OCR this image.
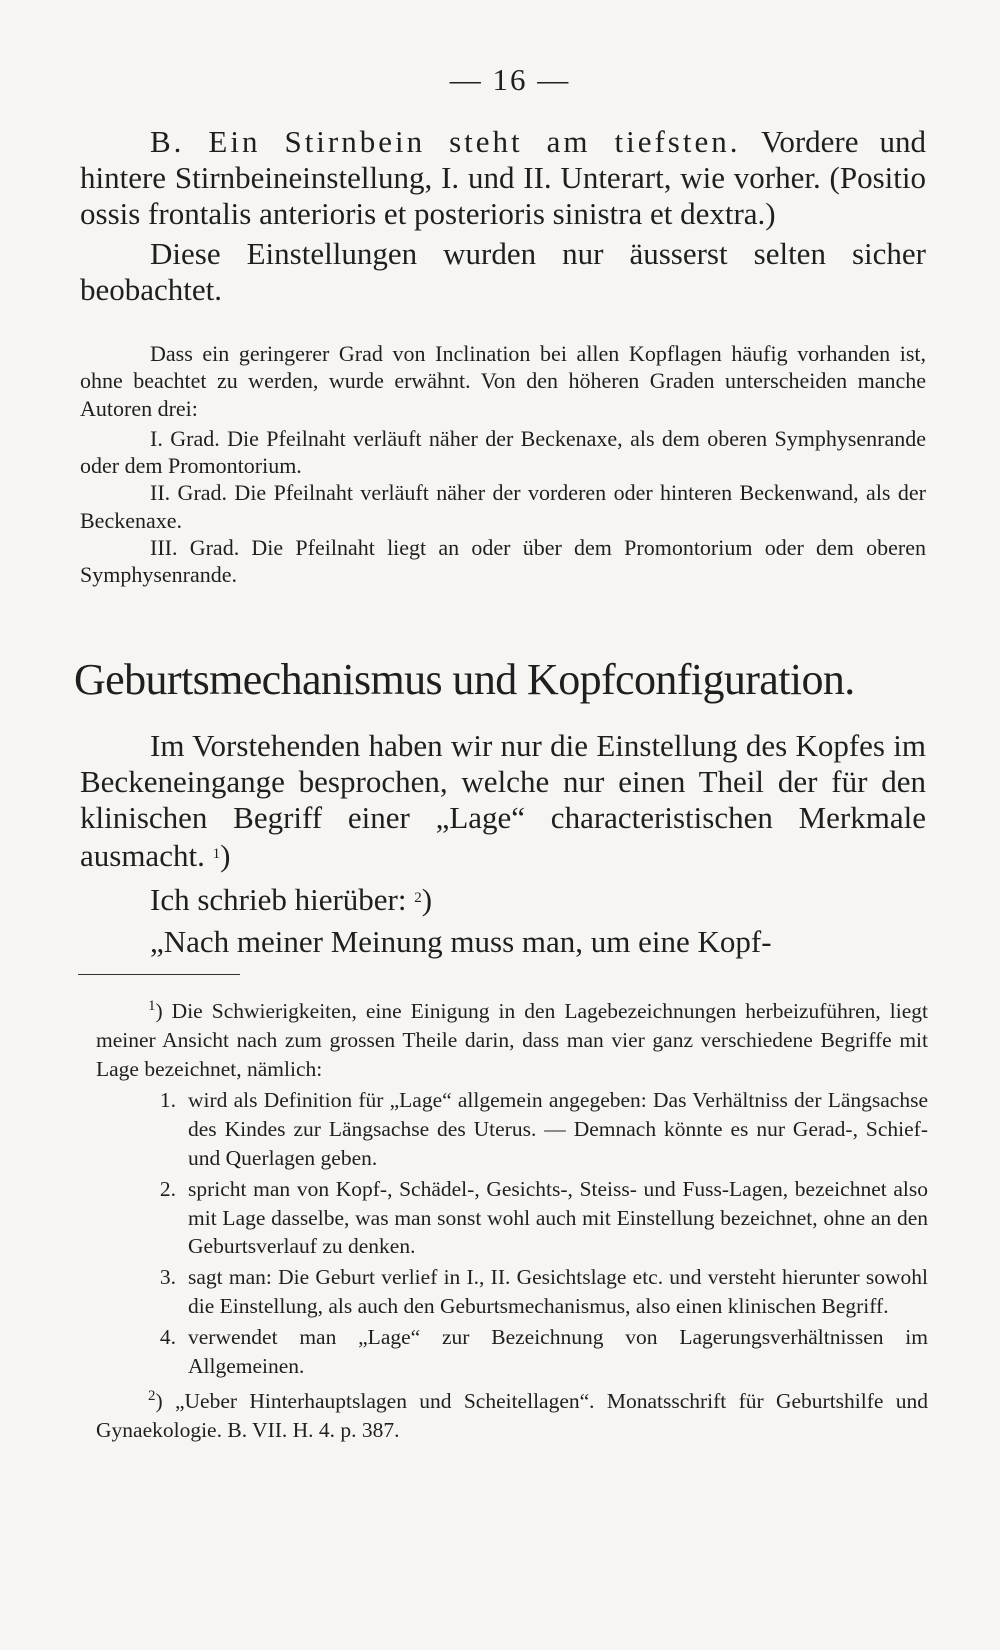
— 16 —

B. Ein Stirnbein steht am tiefsten. Vordere und hintere Stirnbeineinstellung, I. und II. Unterart, wie vorher. (Positio ossis frontalis anterioris et posterioris sinistra et dextra.)

Diese Einstellungen wurden nur äusserst selten sicher beobachtet.

Dass ein geringerer Grad von Inclination bei allen Kopflagen häufig vorhanden ist, ohne beachtet zu werden, wurde erwähnt. Von den höheren Graden unterscheiden manche Autoren drei:

I. Grad. Die Pfeilnaht verläuft näher der Beckenaxe, als dem oberen Symphysenrande oder dem Promontorium.

II. Grad. Die Pfeilnaht verläuft näher der vorderen oder hinteren Beckenwand, als der Beckenaxe.

III. Grad. Die Pfeilnaht liegt an oder über dem Promontorium oder dem oberen Symphysenrande.

Geburtsmechanismus und Kopfconfiguration.

Im Vorstehenden haben wir nur die Einstellung des Kopfes im Beckeneingange besprochen, welche nur einen Theil der für den klinischen Begriff einer „Lage“ characteristischen Merkmale ausmacht. $^1$)

Ich schrieb hierüber: $^2$)

„Nach meiner Meinung muss man, um eine Kopf-

$^1$) Die Schwierigkeiten, eine Einigung in den Lagebezeichnungen herbeizuführen, liegt meiner Ansicht nach zum grossen Theile darin, dass man vier ganz verschiedene Begriffe mit Lage bezeichnet, nämlich:

1. wird als Definition für „Lage“ allgemein angegeben: Das Verhältniss der Längsachse des Kindes zur Längsachse des Uterus. — Demnach könnte es nur Gerad-, Schief- und Querlagen geben.
2. spricht man von Kopf-, Schädel-, Gesichts-, Steiss- und Fuss-Lagen, bezeichnet also mit Lage dasselbe, was man sonst wohl auch mit Einstellung bezeichnet, ohne an den Geburtsverlauf zu denken.
3. sagt man: Die Geburt verlief in I., II. Gesichtslage etc. und versteht hierunter sowohl die Einstellung, als auch den Geburtsmechanismus, also einen klinischen Begriff.
4. verwendet man „Lage“ zur Bezeichnung von Lagerungsverhältnissen im Allgemeinen.

$^2$) „Ueber Hinterhauptslagen und Scheitellagen“. Monatsschrift für Geburtshilfe und Gynaekologie. B. VII. H. 4. p. 387.
